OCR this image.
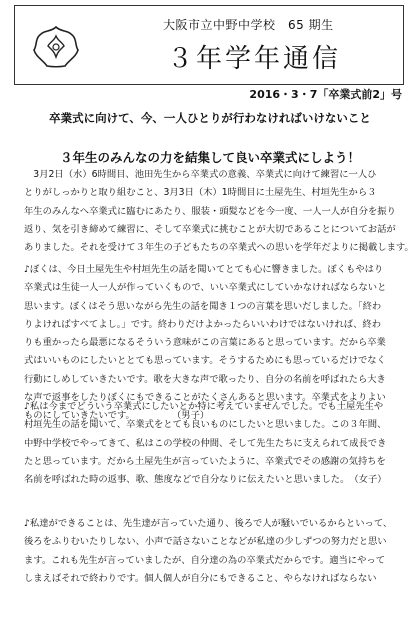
大阪市立中野中学校　65 期生
３年学年通信
2016・3・7「卒業式前2」号
卒業式に向けて、今、一人ひとりが行わなければいけないこと
３年生のみんなの力を結集して良い卒業式にしよう！
　3月2日（水）6時間目、池田先生から卒業式の意義、卒業式に向けて練習に一人ひ
とりがしっかりと取り組むこと、3月3日（木）1時間目に土屋先生、村垣先生から３
年生のみんなへ卒業式に臨むにあたり、服装・頭髪などを今一度、一人一人が自分を振り
返り、気を引き締めて練習に、そして卒業式に挑むことが大切であることについてお話が
ありました。それを受けて３年生の子どもたちの卒業式への思いを学年だよりに掲載します。
♪ぼくは、今日土屋先生や村垣先生の話を聞いてとても心に響きました。ぼくもやはり
卒業式は生徒一人一人が作っていくもので、いい卒業式にしていかなければならないと
思います。ぼくはそう思いながら先生の話を聞き１つの言葉を思いだしました。「終わ
りよければすべてよし。」です。終わりだけよかったらいいわけではないければ、終わ
りも重かったら最悪になるそういう意味がこの言葉にあると思っています。だから卒業
式はいいものにしたいととても思っています。そうするためにも思っているだけでなく
行動にしめしていきたいです。歌を大きな声で歌ったり、自分の名前を呼ばれたら大き
な声で返事をしたりぼくにもできることがたくさんあると思います。卒業式をよりよい
ものにしていきたいです。　　　　　（男子）
♪私は今までどういう卒業式にしたいとか特に考えていませんでした。でも土屋先生や
村垣先生の話を聞いて、卒業式をとても良いものにしたいと思いました。この３年間、
中野中学校でやってきて、私はこの学校の仲間、そして先生たちに支えられて成長でき
たと思っています。だから土屋先生が言っていたように、卒業式でその感謝の気持ちを
名前を呼ばれた時の返事、歌、態度などで自分なりに伝えたいと思いました。　（女子）
♪私達ができることは、先生達が言っていた通り、後ろで人が騒いでいるからといって、
後ろをふりむいたりしない、小声で話さないことなどが私達の少しずつの努力だと思い
ます。これも先生が言っていましたが、自分達の為の卒業式だからです。適当にやって
しまえばそれで終わりです。個人個人が自分にもできること、やらなければならない
